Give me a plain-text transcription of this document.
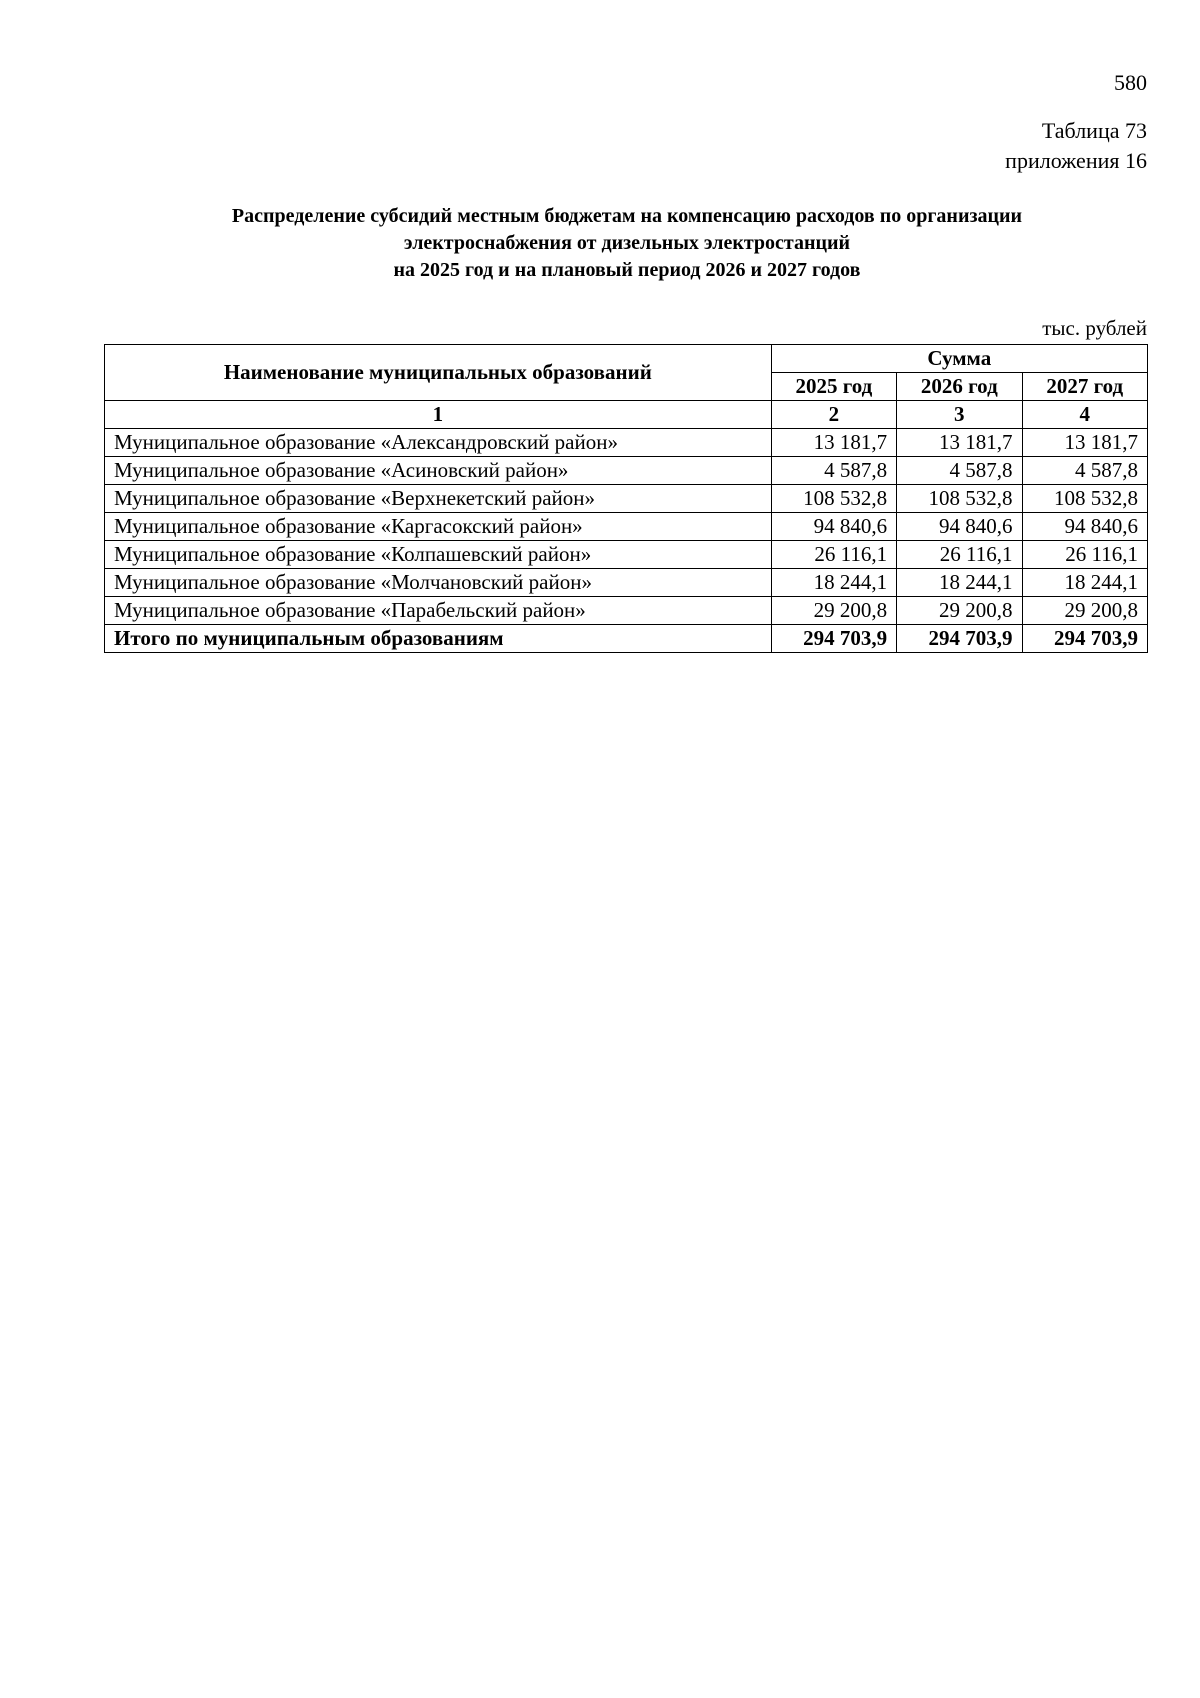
580
Таблица 73
приложения 16
Распределение субсидий местным бюджетам на компенсацию расходов по организации
электроснабжения от дизельных электростанций
на 2025 год и на плановый период 2026 и 2027 годов
тыс. рублей
Наименование муниципальных образований	Сумма		
	2025 год	2026 год	2027 год
1	2	3	4
Муниципальное образование «Александровский район»	13 181,7	13 181,7	13 181,7
Муниципальное образование «Асиновский район»	4 587,8	4 587,8	4 587,8
Муниципальное образование «Верхнекетский район»	108 532,8	108 532,8	108 532,8
Муниципальное образование «Каргасокский район»	94 840,6	94 840,6	94 840,6
Муниципальное образование «Колпашевский район»	26 116,1	26 116,1	26 116,1
Муниципальное образование «Молчановский район»	18 244,1	18 244,1	18 244,1
Муниципальное образование «Парабельский район»	29 200,8	29 200,8	29 200,8
Итого по муниципальным образованиям	294 703,9	294 703,9	294 703,9
